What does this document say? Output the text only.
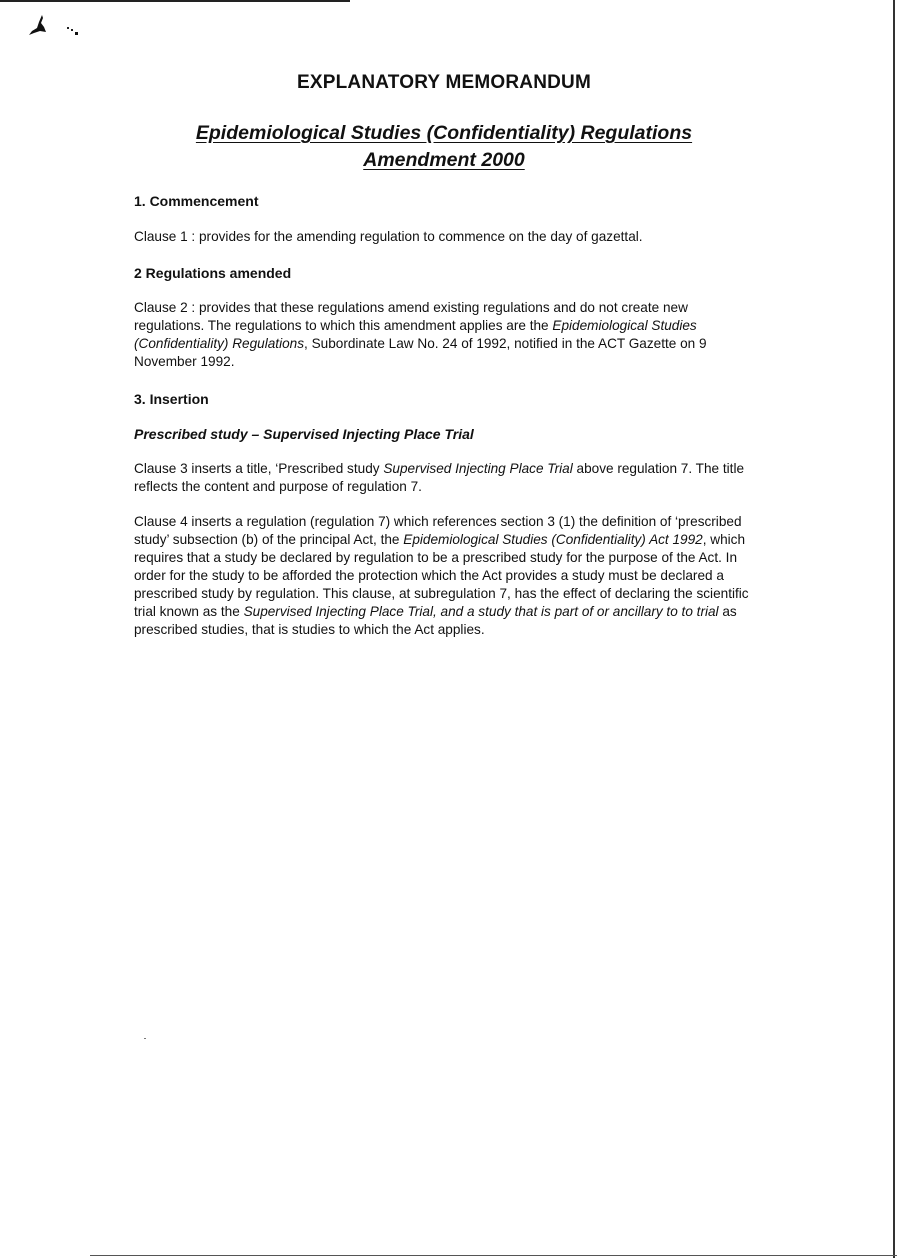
EXPLANATORY MEMORANDUM
Epidemiological Studies (Confidentiality) Regulations
Amendment 2000
1. Commencement
Clause 1 : provides for the amending regulation to commence on the day of gazettal.
2 Regulations amended
Clause 2 : provides that these regulations amend existing regulations and do not create new regulations. The regulations to which this amendment applies are the Epidemiological Studies (Confidentiality) Regulations, Subordinate Law No. 24 of 1992, notified in the ACT Gazette on 9 November 1992.
3. Insertion
Prescribed study – Supervised Injecting Place Trial
Clause 3 inserts a title, ‘Prescribed study Supervised Injecting Place Trial above regulation 7. The title reflects the content and purpose of regulation 7.
Clause 4 inserts a regulation (regulation 7) which references section 3 (1) the definition of ‘prescribed study’ subsection (b) of the principal Act, the Epidemiological Studies (Confidentiality) Act 1992, which requires that a study be declared by regulation to be a prescribed study for the purpose of the Act. In order for the study to be afforded the protection which the Act provides a study must be declared a prescribed study by regulation. This clause, at subregulation 7, has the effect of declaring the scientific trial known as the Supervised Injecting Place Trial, and a study that is part of or ancillary to to trial as prescribed studies, that is studies to which the Act applies.
